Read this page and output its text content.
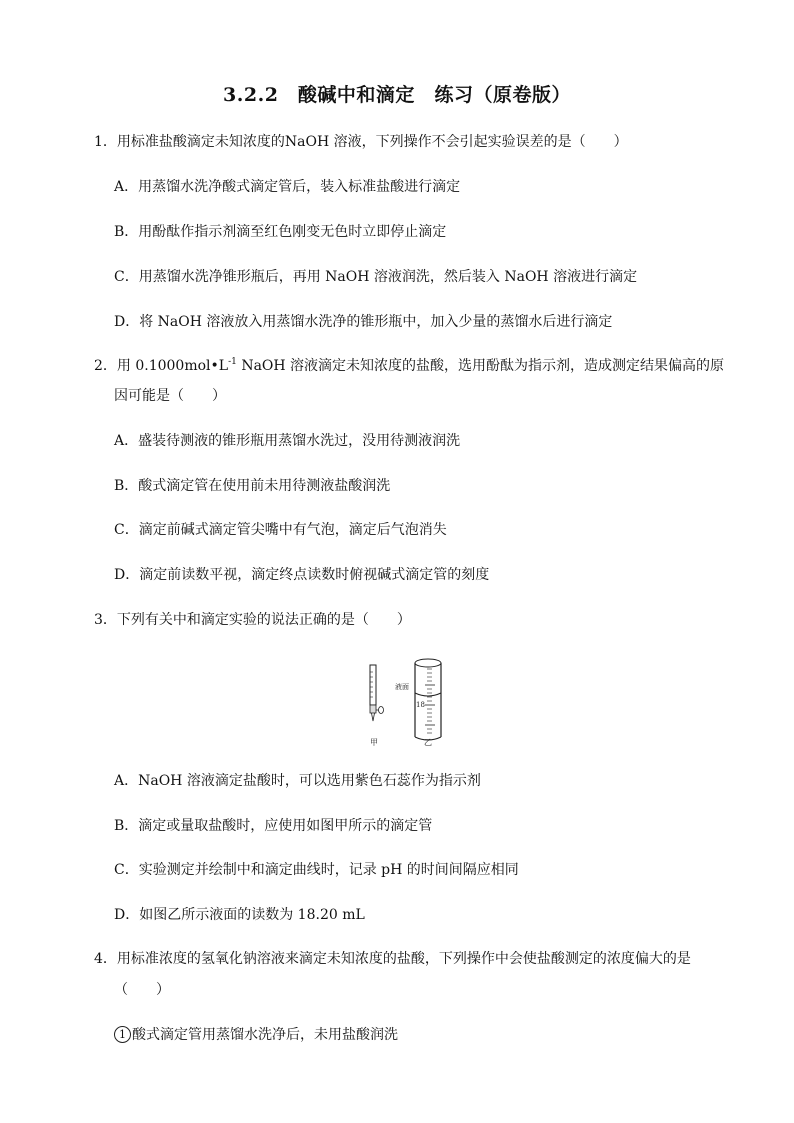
3.2.2　酸碱中和滴定　练习（原卷版）
1．用标准盐酸滴定未知浓度的NaOH 溶液，下列操作不会引起实验误差的是（　　）
A．用蒸馏水洗净酸式滴定管后，装入标准盐酸进行滴定
B．用酚酞作指示剂滴至红色刚变无色时立即停止滴定
C．用蒸馏水洗净锥形瓶后，再用 NaOH 溶液润洗，然后装入 NaOH 溶液进行滴定
D．将 NaOH 溶液放入用蒸馏水洗净的锥形瓶中，加入少量的蒸馏水后进行滴定
2．用 $0.1000mol•L^{-1}$ NaOH 溶液滴定未知浓度的盐酸，选用酚酞为指示剂，造成测定结果偏高的原
因可能是（　　）
A．盛装待测液的锥形瓶用蒸馏水洗过，没用待测液润洗
B．酸式滴定管在使用前未用待测液盐酸润洗
C．滴定前碱式滴定管尖嘴中有气泡，滴定后气泡消失
D．滴定前读数平视，滴定终点读数时俯视碱式滴定管的刻度
3．下列有关中和滴定实验的说法正确的是（　　）
液面
18
甲	乙
A．NaOH 溶液滴定盐酸时，可以选用紫色石蕊作为指示剂
B．滴定或量取盐酸时，应使用如图甲所示的滴定管
C．实验测定并绘制中和滴定曲线时，记录 pH 的时间间隔应相同
D．如图乙所示液面的读数为 18.20 mL
4．用标准浓度的氢氧化钠溶液来滴定未知浓度的盐酸，下列操作中会使盐酸测定的浓度偏大的是
（　　）
1 酸式滴定管用蒸馏水洗净后，未用盐酸润洗
